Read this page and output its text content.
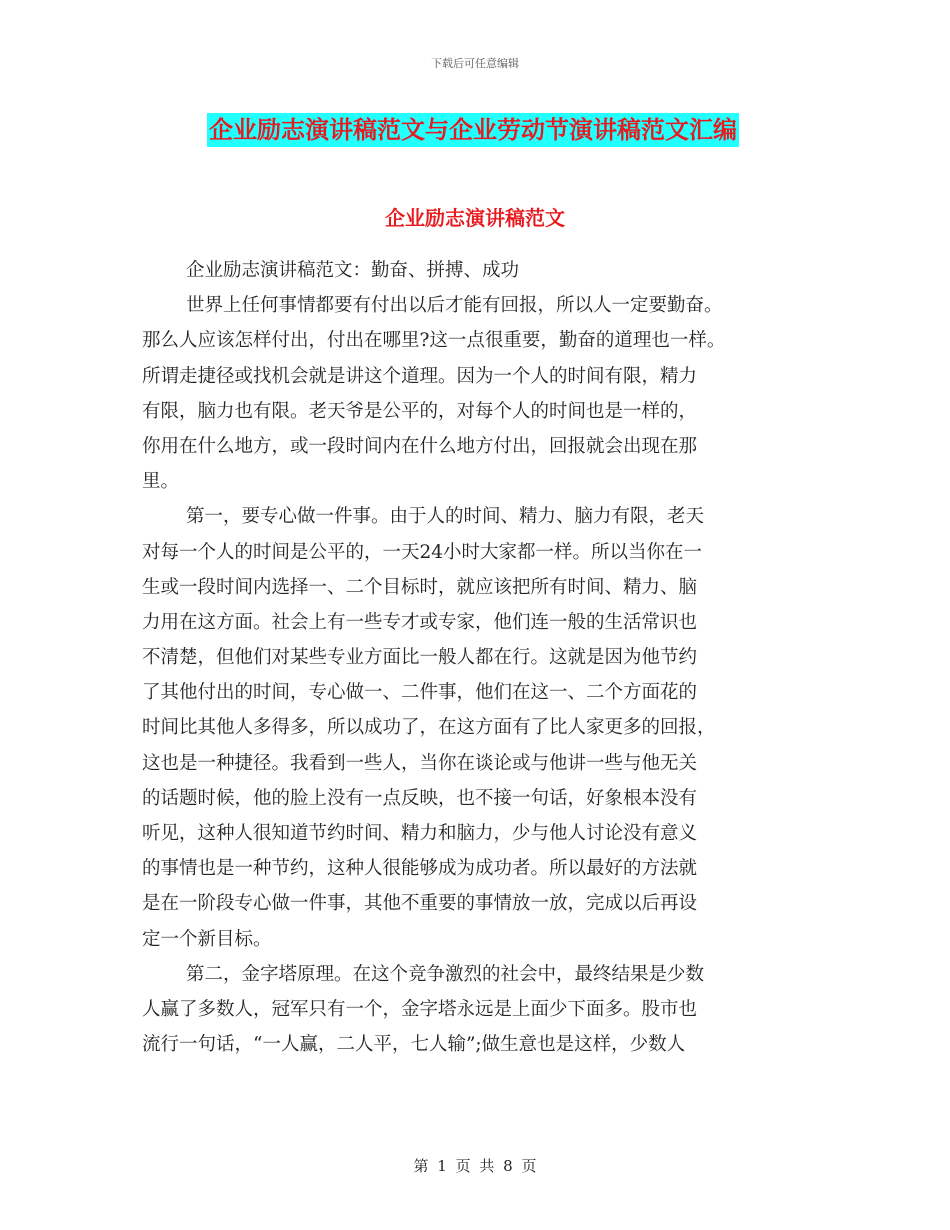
下载后可任意编辑
企业励志演讲稿范文与企业劳动节演讲稿范文汇编
企业励志演讲稿范文
企业励志演讲稿范文：勤奋、拼搏、成功
世界上任何事情都要有付出以后才能有回报，所以人一定要勤奋。
那么人应该怎样付出，付出在哪里?这一点很重要，勤奋的道理也一样。
所谓走捷径或找机会就是讲这个道理。因为一个人的时间有限，精力
有限，脑力也有限。老天爷是公平的，对每个人的时间也是一样的，
你用在什么地方，或一段时间内在什么地方付出，回报就会出现在那
里。
第一，要专心做一件事。由于人的时间、精力、脑力有限，老天
对每一个人的时间是公平的，一天24小时大家都一样。所以当你在一
生或一段时间内选择一、二个目标时，就应该把所有时间、精力、脑
力用在这方面。社会上有一些专才或专家，他们连一般的生活常识也
不清楚，但他们对某些专业方面比一般人都在行。这就是因为他节约
了其他付出的时间，专心做一、二件事，他们在这一、二个方面花的
时间比其他人多得多，所以成功了，在这方面有了比人家更多的回报，
这也是一种捷径。我看到一些人，当你在谈论或与他讲一些与他无关
的话题时候，他的脸上没有一点反映，也不接一句话，好象根本没有
听见，这种人很知道节约时间、精力和脑力，少与他人讨论没有意义
的事情也是一种节约，这种人很能够成为成功者。所以最好的方法就
是在一阶段专心做一件事，其他不重要的事情放一放，完成以后再设
定一个新目标。
第二，金字塔原理。在这个竞争激烈的社会中，最终结果是少数
人赢了多数人，冠军只有一个，金字塔永远是上面少下面多。股市也
流行一句话，“一人赢，二人平，七人输”;做生意也是这样，少数人
第 1 页 共 8 页
